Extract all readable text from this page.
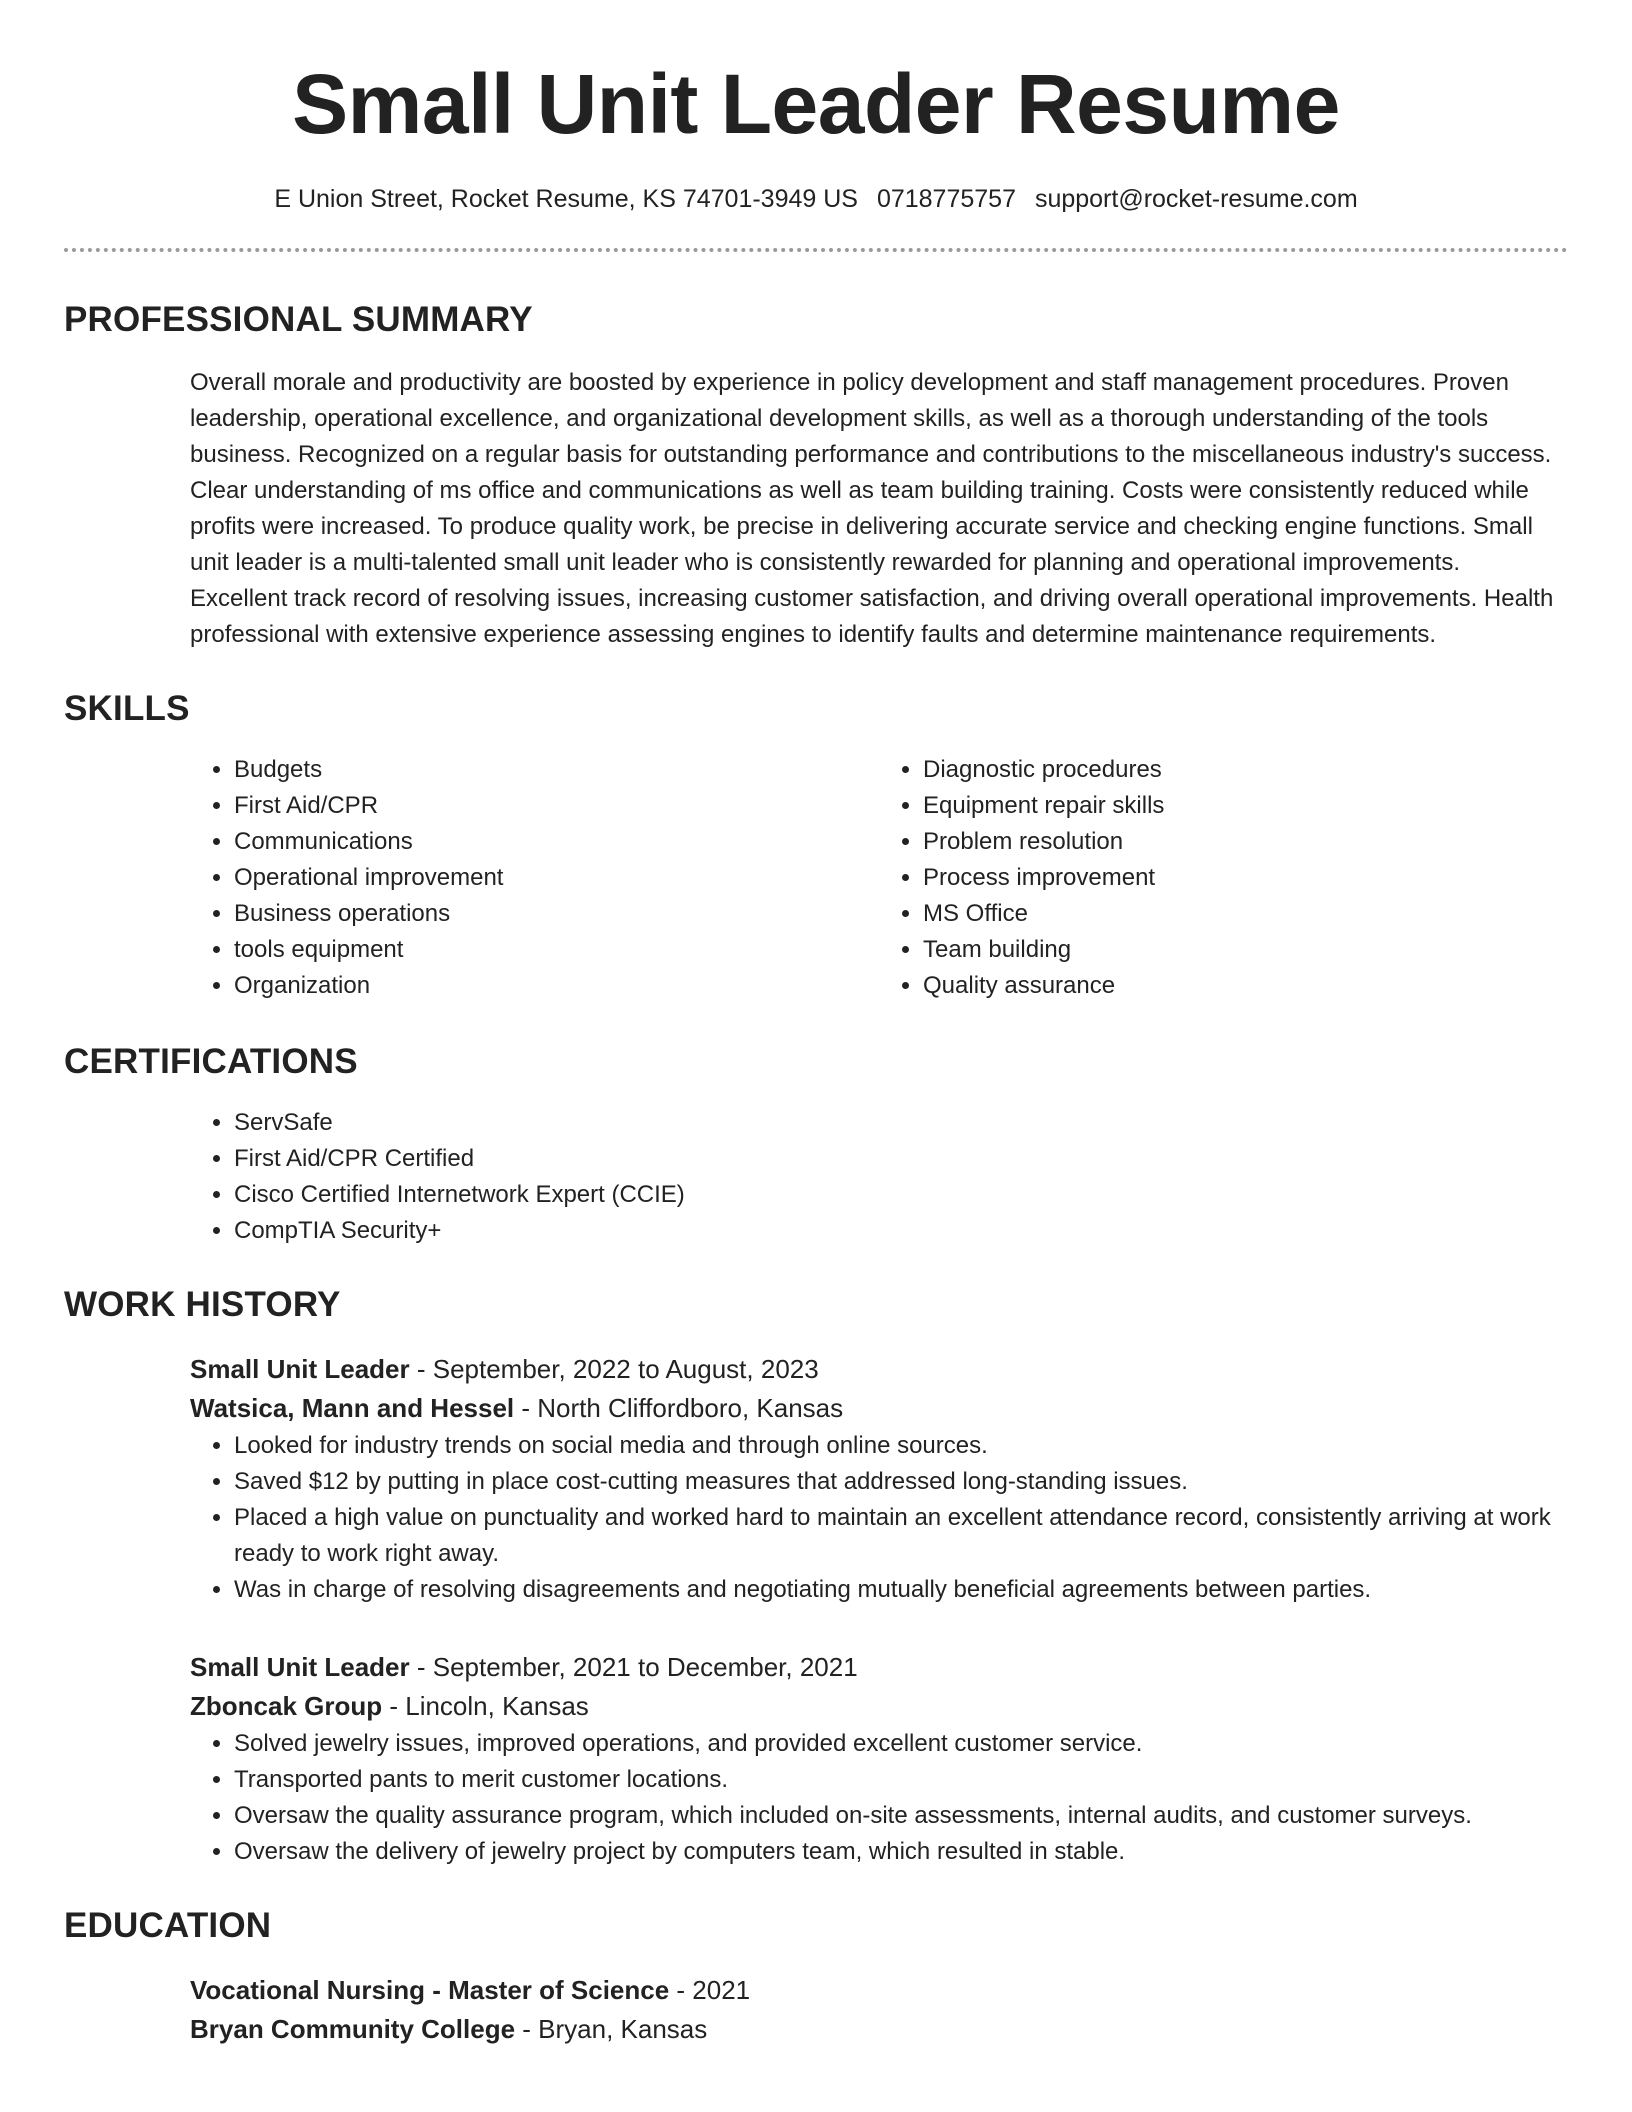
Small Unit Leader Resume
E Union Street, Rocket Resume, KS 74701-3949 US 0718775757 support@rocket-resume.com
PROFESSIONAL SUMMARY
Overall morale and productivity are boosted by experience in policy development and staff management procedures. Proven leadership, operational excellence, and organizational development skills, as well as a thorough understanding of the tools business. Recognized on a regular basis for outstanding performance and contributions to the miscellaneous industry's success. Clear understanding of ms office and communications as well as team building training. Costs were consistently reduced while profits were increased. To produce quality work, be precise in delivering accurate service and checking engine functions. Small unit leader is a multi-talented small unit leader who is consistently rewarded for planning and operational improvements. Excellent track record of resolving issues, increasing customer satisfaction, and driving overall operational improvements. Health professional with extensive experience assessing engines to identify faults and determine maintenance requirements.
SKILLS
• Budgets
• First Aid/CPR
• Communications
• Operational improvement
• Business operations
• tools equipment
• Organization
• Diagnostic procedures
• Equipment repair skills
• Problem resolution
• Process improvement
• MS Office
• Team building
• Quality assurance
CERTIFICATIONS
• ServSafe
• First Aid/CPR Certified
• Cisco Certified Internetwork Expert (CCIE)
• CompTIA Security+
WORK HISTORY
Small Unit Leader - September, 2022 to August, 2023
Watsica, Mann and Hessel - North Cliffordboro, Kansas
• Looked for industry trends on social media and through online sources.
• Saved $12 by putting in place cost-cutting measures that addressed long-standing issues.
• Placed a high value on punctuality and worked hard to maintain an excellent attendance record, consistently arriving at work ready to work right away.
• Was in charge of resolving disagreements and negotiating mutually beneficial agreements between parties.
Small Unit Leader - September, 2021 to December, 2021
Zboncak Group - Lincoln, Kansas
• Solved jewelry issues, improved operations, and provided excellent customer service.
• Transported pants to merit customer locations.
• Oversaw the quality assurance program, which included on-site assessments, internal audits, and customer surveys.
• Oversaw the delivery of jewelry project by computers team, which resulted in stable.
EDUCATION
Vocational Nursing - Master of Science - 2021
Bryan Community College - Bryan, Kansas
